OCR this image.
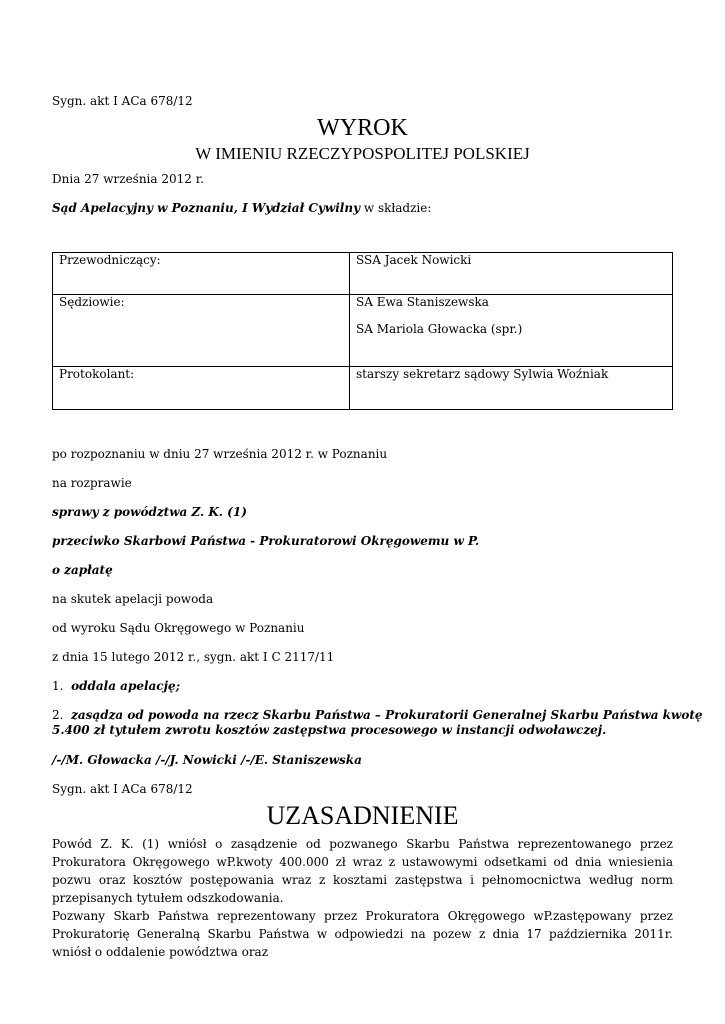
Sygn. akt I ACa 678/12
WYROK
W IMIENIU RZECZYPOSPOLITEJ POLSKIEJ
Dnia 27 września 2012 r.
Sąd Apelacyjny w Poznaniu, I Wydział Cywilny w składzie:
Przewodniczący:	SSA Jacek Nowicki

Sędziowie:	SA Ewa Staniszewska
SA Mariola Głowacka (spr.)

Protokolant:	starszy sekretarz sądowy Sylwia Woźniak
po rozpoznaniu w dniu 27 września 2012 r. w Poznaniu
na rozprawie
sprawy z powództwa Z. K. (1)
przeciwko Skarbowi Państwa - Prokuratorowi Okręgowemu w P.
o zapłatę
na skutek apelacji powoda
od wyroku Sądu Okręgowego w Poznaniu
z dnia 15 lutego 2012 r., sygn. akt I C 2117/11
1. oddala apelację;
2. zasądza od powoda na rzecz Skarbu Państwa – Prokuratorii Generalnej Skarbu Państwa kwotę
5.400 zł tytułem zwrotu kosztów zastępstwa procesowego w instancji odwoławczej.
/-/M. Głowacka /-/J. Nowicki /-/E. Staniszewska
Sygn. akt I ACa 678/12
UZASADNIENIE
Powód Z. K. (1) wniósł o zasądzenie od pozwanego Skarbu Państwa reprezentowanego przez Prokuratora Okręgowego wP.kwoty 400.000 zł wraz z ustawowymi odsetkami od dnia wniesienia pozwu oraz kosztów postępowania wraz z kosztami zastępstwa i pełnomocnictwa według norm przepisanych tytułem odszkodowania.
Pozwany Skarb Państwa reprezentowany przez Prokuratora Okręgowego wP.zastępowany przez Prokuratorię Generalną Skarbu Państwa w odpowiedzi na pozew z dnia 17 października 2011r. wniósł o oddalenie powództwa oraz
